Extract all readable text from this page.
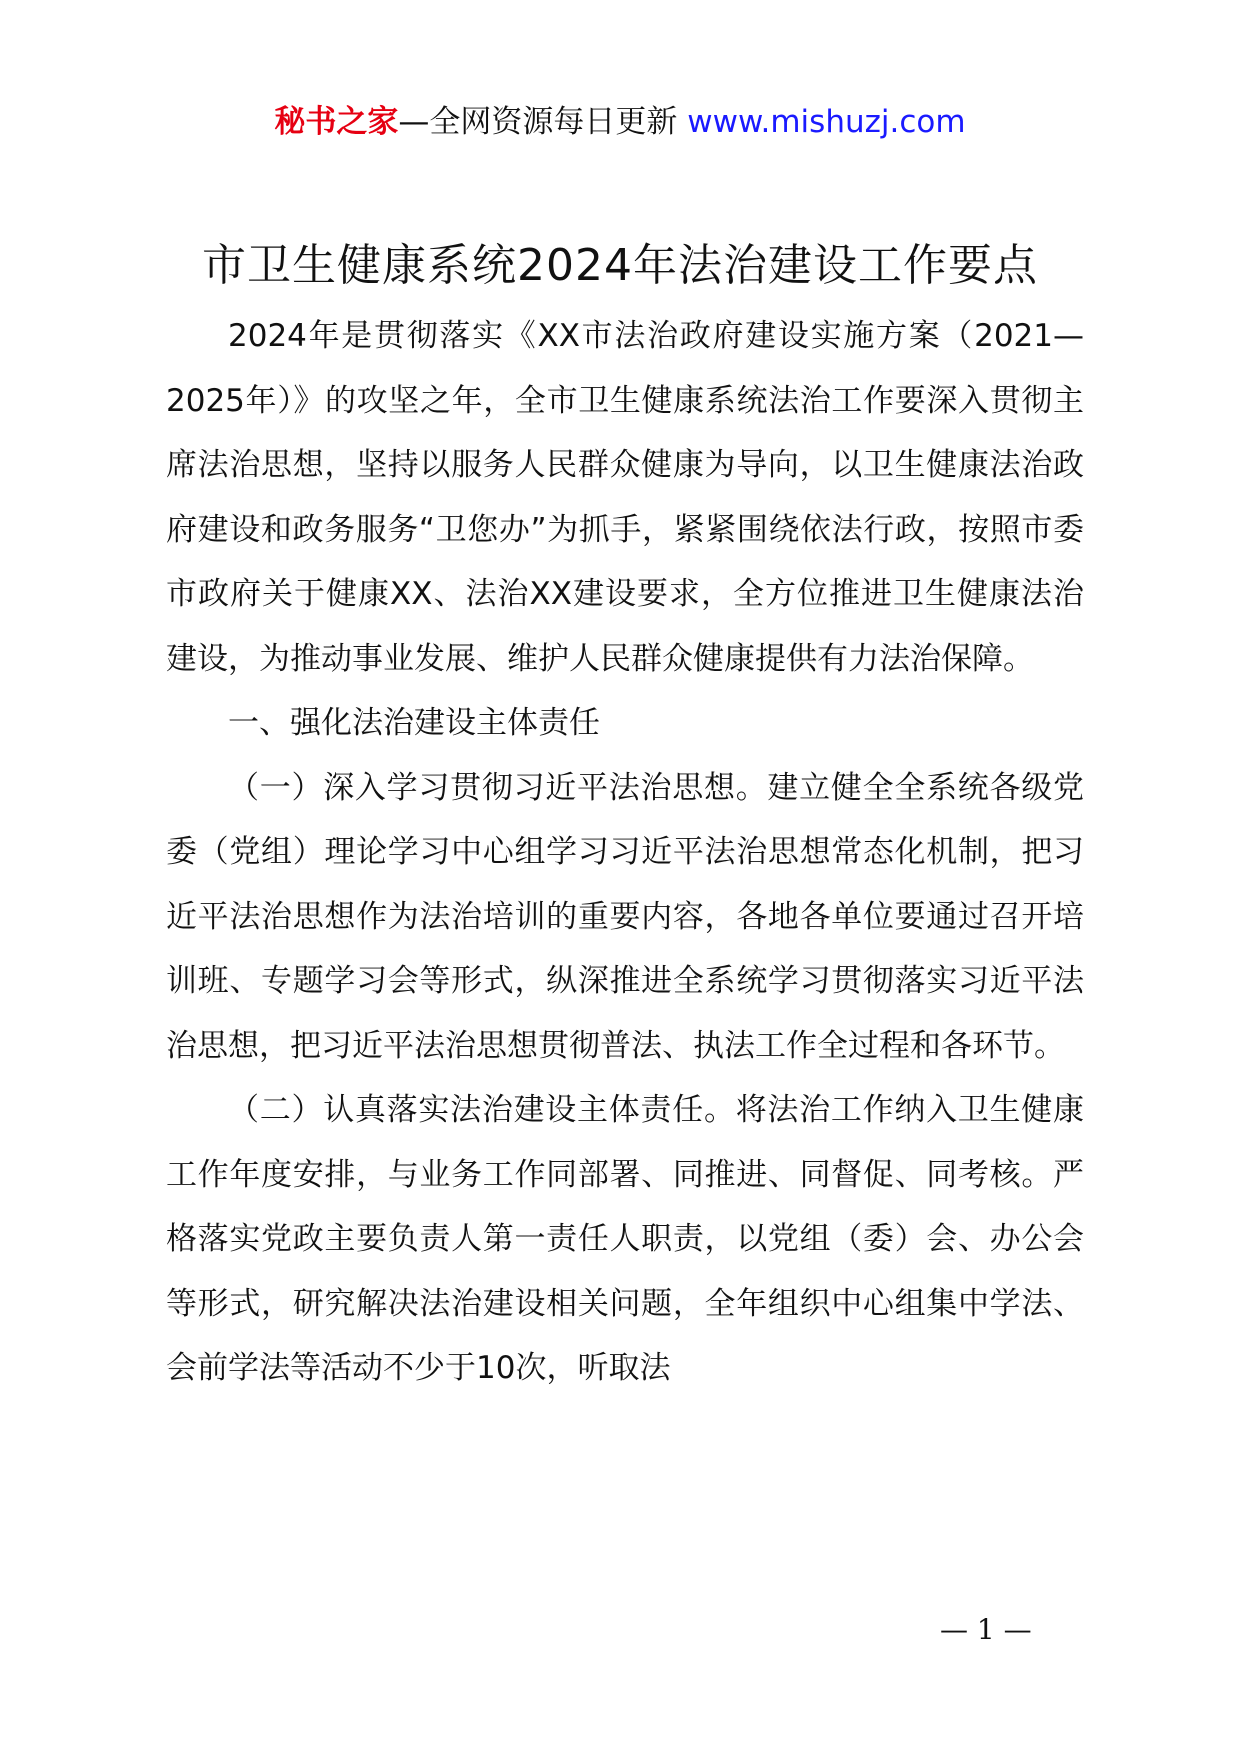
秘书之家—全网资源每日更新 www.mishuzj.com
市卫生健康系统2024年法治建设工作要点

2024年是贯彻落实《XX市法治政府建设实施方案（2021—2025年）》的攻坚之年，全市卫生健康系统法治工作要深入贯彻主席法治思想，坚持以服务人民群众健康为导向，以卫生健康法治政府建设和政务服务“卫您办”为抓手，紧紧围绕依法行政，按照市委市政府关于健康XX、法治XX建设要求，全方位推进卫生健康法治建设，为推动事业发展、维护人民群众健康提供有力法治保障。

一、强化法治建设主体责任

（一）深入学习贯彻习近平法治思想。建立健全全系统各级党委（党组）理论学习中心组学习习近平法治思想常态化机制，把习近平法治思想作为法治培训的重要内容，各地各单位要通过召开培训班、专题学习会等形式，纵深推进全系统学习贯彻落实习近平法治思想，把习近平法治思想贯彻普法、执法工作全过程和各环节。

（二）认真落实法治建设主体责任。将法治工作纳入卫生健康工作年度安排，与业务工作同部署、同推进、同督促、同考核。严格落实党政主要负责人第一责任人职责，以党组（委）会、办公会等形式，研究解决法治建设相关问题，全年组织中心组集中学法、会前学法等活动不少于10次，听取法

— 1 —
